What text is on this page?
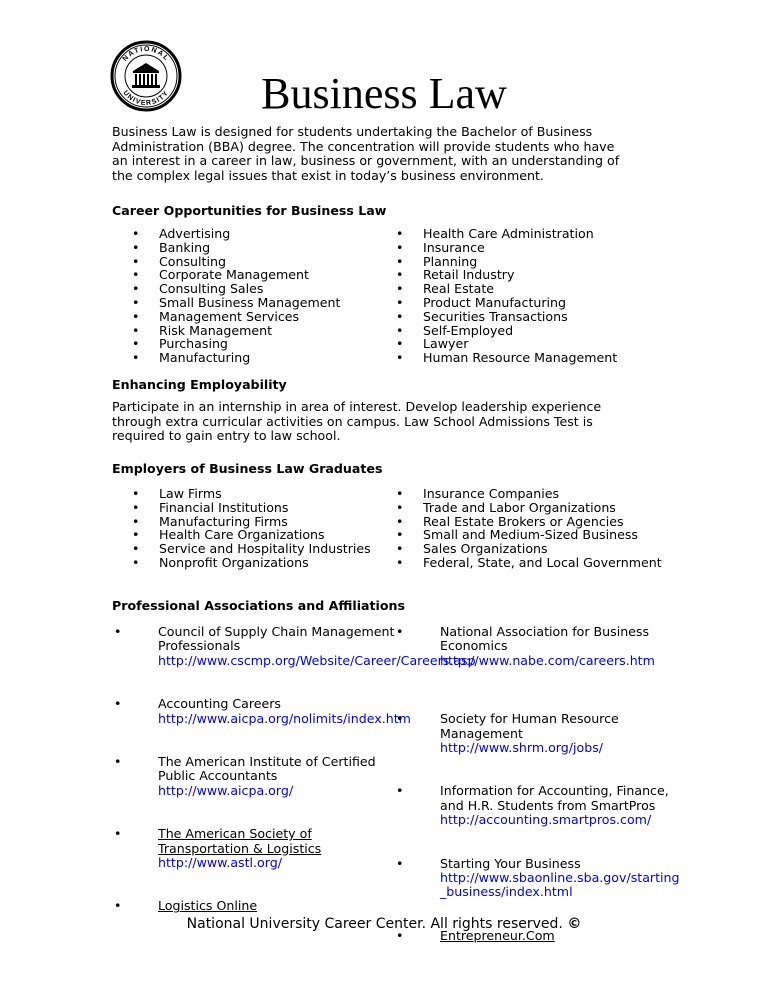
NATIONAL
UNIVERSITY	Business Law
Business Law is designed for students undertaking the Bachelor of Business Administration (BBA) degree. The concentration will provide students who have an interest in a career in law, business or government, with an understanding of the complex legal issues that exist in today’s business environment.
Career Opportunities for Business Law
• Advertising
• Banking
• Consulting
• Corporate Management
• Consulting Sales
• Small Business Management
• Management Services
• Risk Management
• Purchasing
• Manufacturing
• Health Care Administration
• Insurance
• Planning
• Retail Industry
• Real Estate
• Product Manufacturing
• Securities Transactions
• Self-Employed
• Lawyer
• Human Resource Management
Enhancing Employability
Participate in an internship in area of interest. Develop leadership experience through extra curricular activities on campus. Law School Admissions Test is required to gain entry to law school.
Employers of Business Law Graduates
• Law Firms
• Financial Institutions
• Manufacturing Firms
• Health Care Organizations
• Service and Hospitality Industries
• Nonprofit Organizations
• Insurance Companies
• Trade and Labor Organizations
• Real Estate Brokers or Agencies
• Small and Medium-Sized Business
• Sales Organizations
• Federal, State, and Local Government
Professional Associations and Affiliations
• Council of Supply Chain Management Professionals
http://www.cscmp.org/Website/Career/Careers.asp
• Accounting Careers
http://www.aicpa.org/nolimits/index.htm
• The American Institute of Certified Public Accountants
http://www.aicpa.org/
• The American Society of Transportation & Logistics
http://www.astl.org/
• Logistics Online
• National Association for Business Economics
http://www.nabe.com/careers.htm
• Society for Human Resource Management
http://www.shrm.org/jobs/
• Information for Accounting, Finance, and H.R. Students from SmartPros
http://accounting.smartpros.com/
• Starting Your Business
http://www.sbaonline.sba.gov/starting_business/index.html
• Entrepreneur.Com
National University Career Center. All rights reserved. ©
